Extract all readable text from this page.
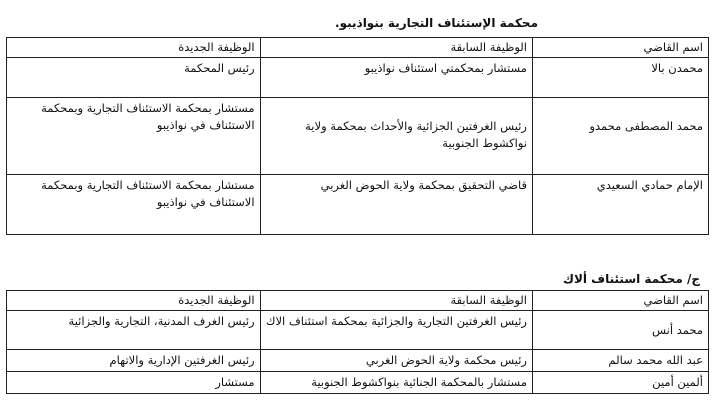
محكمة الإستئناف التجارية بنواذيبو.
اسم القاضي	الوظيفة السابقة	الوظيفة الجديدة
محمدن بالا	مستشار بمحكمتي استئناف نواذيبو	رئيس المحكمة
محمد المصطفى محمدو	رئيس الغرفتين الجزائية والأحداث بمحكمة ولاية نواكشوط الجنوبية	مستشار بمحكمة الاستئناف التجارية وبمحكمة الاستئناف في نواذيبو
الإمام حمادي السعيدي	قاضي التحقيق بمحكمة ولاية الحوض الغربي	مستشار بمحكمة الاستئناف التجارية وبمحكمة الاستئناف في نواذيبو
ج/ محكمة استئناف ألاك
اسم القاضي	الوظيفة السابقة	الوظيفة الجديدة
محمد أنس	رئيس الغرفتين التجارية والجزائية بمحكمة استئناف الاك	رئيس الغرف المدنية، التجارية والجزائية
عبد الله محمد سالم	رئيس محكمة ولاية الحوض الغربي	رئيس الغرفتين الإدارية والاتهام
ألمين أمين	مستشار بالمحكمة الجنائية بنواكشوط الجنوبية	مستشار
